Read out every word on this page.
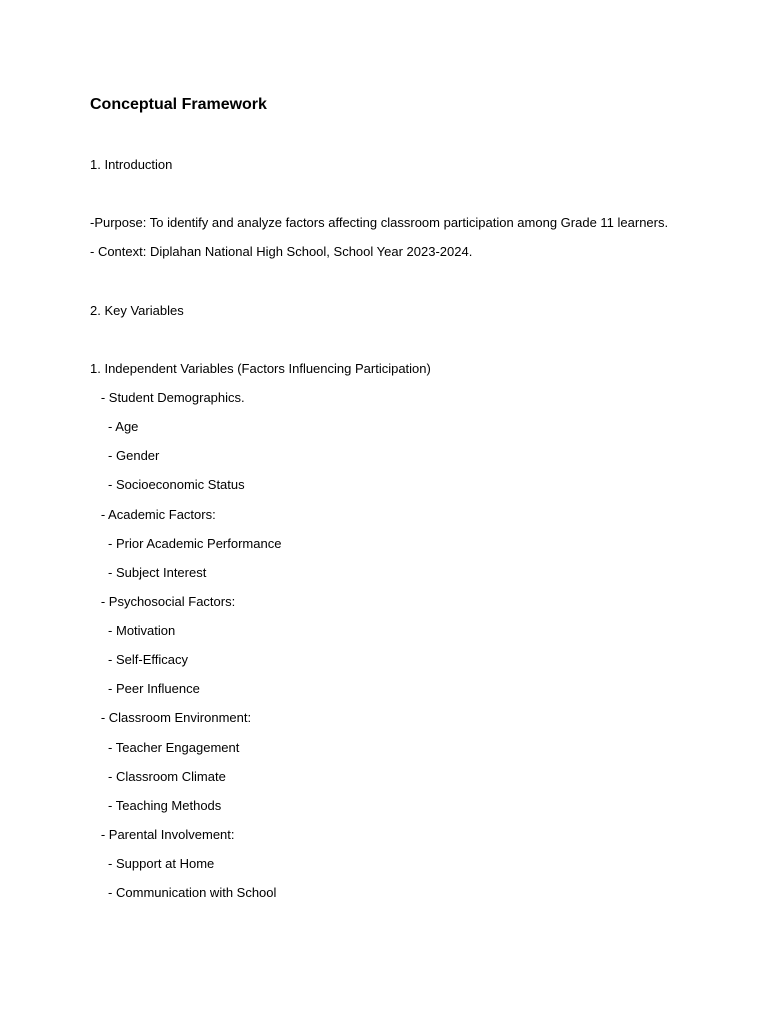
Conceptual Framework
1. Introduction
-Purpose: To identify and analyze factors affecting classroom participation among Grade 11 learners.
- Context: Diplahan National High School, School Year 2023-2024.
2. Key Variables
1. Independent Variables (Factors Influencing Participation)
- Student Demographics.
- Age
- Gender
- Socioeconomic Status
- Academic Factors:
- Prior Academic Performance
- Subject Interest
- Psychosocial Factors:
- Motivation
- Self-Efficacy
- Peer Influence
- Classroom Environment:
- Teacher Engagement
- Classroom Climate
- Teaching Methods
- Parental Involvement:
- Support at Home
- Communication with School
